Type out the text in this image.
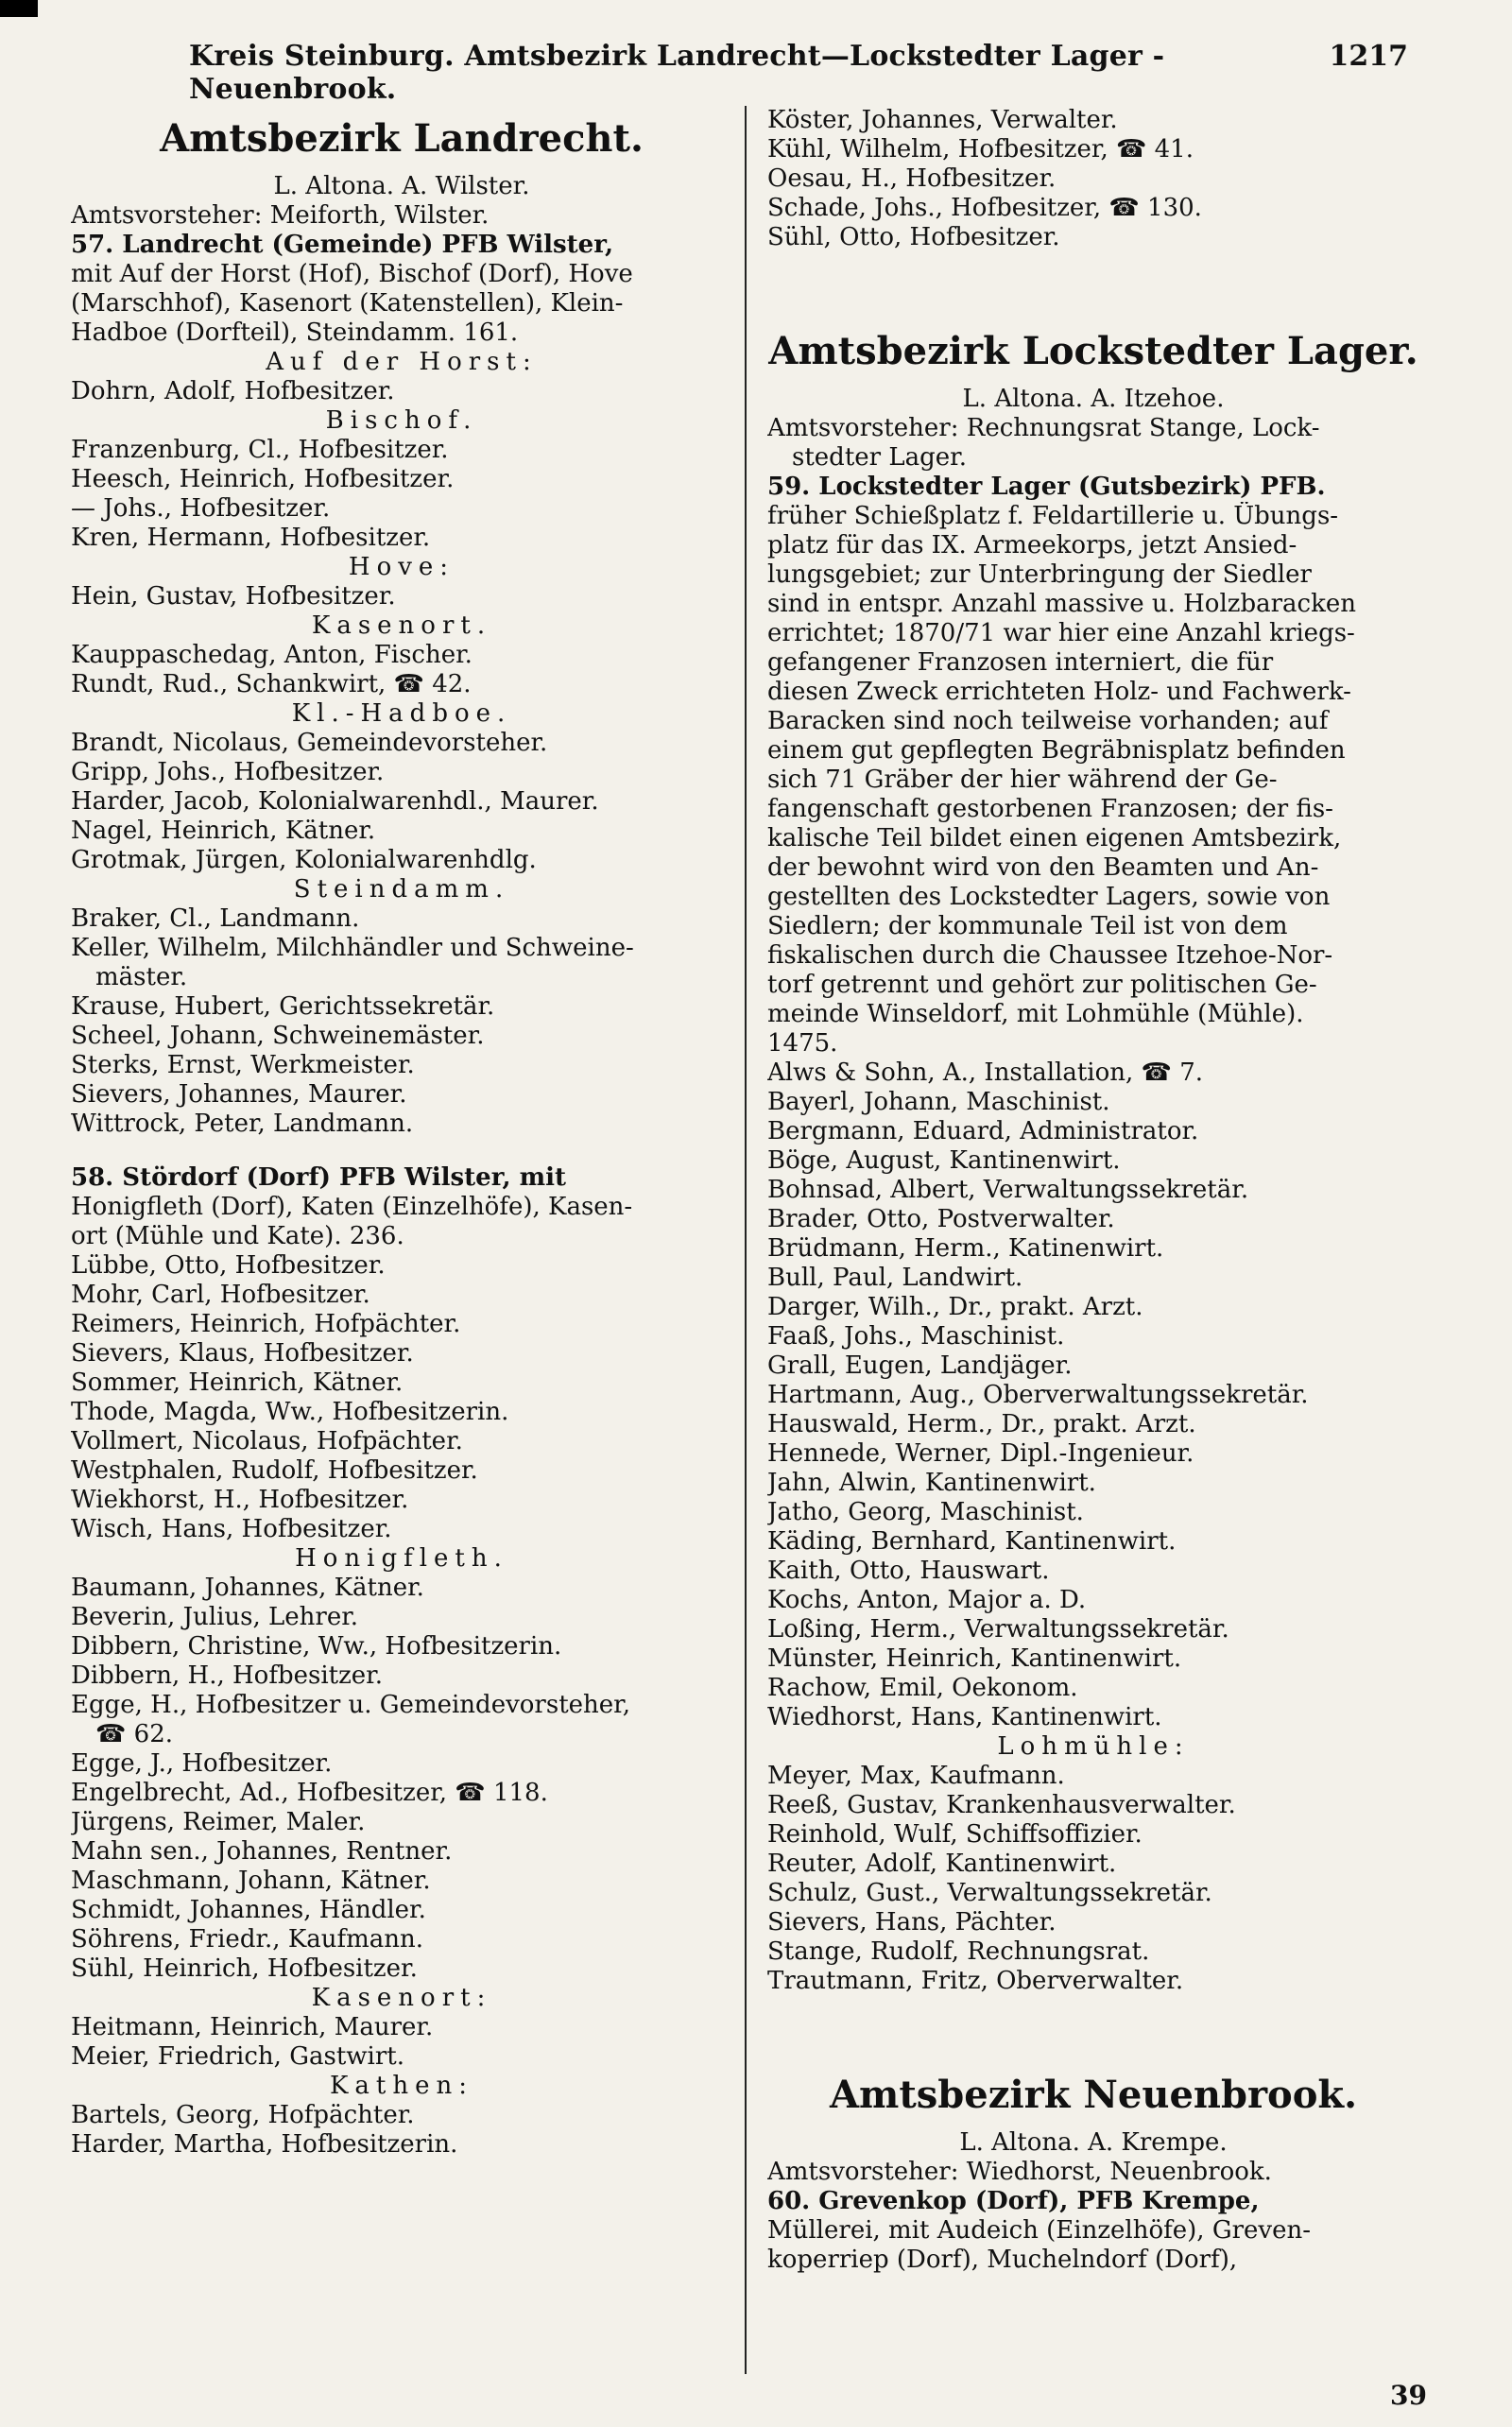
Kreis Steinburg. Amtsbezirk Landrecht—Lockstedter Lager - Neuenbrook.
1217
Amtsbezirk Landrecht.
L. Altona. A. Wilster.
Amtsvorsteher: Meiforth, Wilster.
57. Landrecht (Gemeinde) PFB Wilster,
mit Auf der Horst (Hof), Bischof (Dorf), Hove
(Marschhof), Kasenort (Katenstellen), Klein-
Hadboe (Dorfteil), Steindamm. 161.
Auf der Horst:
Dohrn, Adolf, Hofbesitzer.
Bischof.
Franzenburg, Cl., Hofbesitzer.
Heesch, Heinrich, Hofbesitzer.
— Johs., Hofbesitzer.
Kren, Hermann, Hofbesitzer.
Hove:
Hein, Gustav, Hofbesitzer.
Kasenort.
Kauppaschedag, Anton, Fischer.
Rundt, Rud., Schankwirt, ☎ 42.
Kl.-Hadboe.
Brandt, Nicolaus, Gemeindevorsteher.
Gripp, Johs., Hofbesitzer.
Harder, Jacob, Kolonialwarenhdl., Maurer.
Nagel, Heinrich, Kätner.
Grotmak, Jürgen, Kolonialwarenhdlg.
Steindamm.
Braker, Cl., Landmann.
Keller, Wilhelm, Milchhändler und Schweine-
mäster.
Krause, Hubert, Gerichtssekretär.
Scheel, Johann, Schweinemäster.
Sterks, Ernst, Werkmeister.
Sievers, Johannes, Maurer.
Wittrock, Peter, Landmann.
58. Stördorf (Dorf) PFB Wilster, mit
Honigfleth (Dorf), Katen (Einzelhöfe), Kasen-
ort (Mühle und Kate). 236.
Lübbe, Otto, Hofbesitzer.
Mohr, Carl, Hofbesitzer.
Reimers, Heinrich, Hofpächter.
Sievers, Klaus, Hofbesitzer.
Sommer, Heinrich, Kätner.
Thode, Magda, Ww., Hofbesitzerin.
Vollmert, Nicolaus, Hofpächter.
Westphalen, Rudolf, Hofbesitzer.
Wiekhorst, H., Hofbesitzer.
Wisch, Hans, Hofbesitzer.
Honigfleth.
Baumann, Johannes, Kätner.
Beverin, Julius, Lehrer.
Dibbern, Christine, Ww., Hofbesitzerin.
Dibbern, H., Hofbesitzer.
Egge, H., Hofbesitzer u. Gemeindevorsteher,
☎ 62.
Egge, J., Hofbesitzer.
Engelbrecht, Ad., Hofbesitzer, ☎ 118.
Jürgens, Reimer, Maler.
Mahn sen., Johannes, Rentner.
Maschmann, Johann, Kätner.
Schmidt, Johannes, Händler.
Söhrens, Friedr., Kaufmann.
Sühl, Heinrich, Hofbesitzer.
Kasenort:
Heitmann, Heinrich, Maurer.
Meier, Friedrich, Gastwirt.
Kathen:
Bartels, Georg, Hofpächter.
Harder, Martha, Hofbesitzerin.
Köster, Johannes, Verwalter.
Kühl, Wilhelm, Hofbesitzer, ☎ 41.
Oesau, H., Hofbesitzer.
Schade, Johs., Hofbesitzer, ☎ 130.
Sühl, Otto, Hofbesitzer.
Amtsbezirk Lockstedter Lager.
L. Altona. A. Itzehoe.
Amtsvorsteher: Rechnungsrat Stange, Lock-
stedter Lager.
59. Lockstedter Lager (Gutsbezirk) PFB.
früher Schießplatz f. Feldartillerie u. Übungs-
platz für das IX. Armeekorps, jetzt Ansied-
lungsgebiet; zur Unterbringung der Siedler
sind in entspr. Anzahl massive u. Holzbaracken
errichtet; 1870/71 war hier eine Anzahl kriegs-
gefangener Franzosen interniert, die für
diesen Zweck errichteten Holz- und Fachwerk-
Baracken sind noch teilweise vorhanden; auf
einem gut gepflegten Begräbnisplatz befinden
sich 71 Gräber der hier während der Ge-
fangenschaft gestorbenen Franzosen; der fis-
kalische Teil bildet einen eigenen Amtsbezirk,
der bewohnt wird von den Beamten und An-
gestellten des Lockstedter Lagers, sowie von
Siedlern; der kommunale Teil ist von dem
fiskalischen durch die Chaussee Itzehoe-Nor-
torf getrennt und gehört zur politischen Ge-
meinde Winseldorf, mit Lohmühle (Mühle).
1475.
Alws & Sohn, A., Installation, ☎ 7.
Bayerl, Johann, Maschinist.
Bergmann, Eduard, Administrator.
Böge, August, Kantinenwirt.
Bohnsad, Albert, Verwaltungssekretär.
Brader, Otto, Postverwalter.
Brüdmann, Herm., Katinenwirt.
Bull, Paul, Landwirt.
Darger, Wilh., Dr., prakt. Arzt.
Faaß, Johs., Maschinist.
Grall, Eugen, Landjäger.
Hartmann, Aug., Oberverwaltungssekretär.
Hauswald, Herm., Dr., prakt. Arzt.
Hennede, Werner, Dipl.-Ingenieur.
Jahn, Alwin, Kantinenwirt.
Jatho, Georg, Maschinist.
Käding, Bernhard, Kantinenwirt.
Kaith, Otto, Hauswart.
Kochs, Anton, Major a. D.
Loßing, Herm., Verwaltungssekretär.
Münster, Heinrich, Kantinenwirt.
Rachow, Emil, Oekonom.
Wiedhorst, Hans, Kantinenwirt.
Lohmühle:
Meyer, Max, Kaufmann.
Reeß, Gustav, Krankenhausverwalter.
Reinhold, Wulf, Schiffsoffizier.
Reuter, Adolf, Kantinenwirt.
Schulz, Gust., Verwaltungssekretär.
Sievers, Hans, Pächter.
Stange, Rudolf, Rechnungsrat.
Trautmann, Fritz, Oberverwalter.
Amtsbezirk Neuenbrook.
L. Altona. A. Krempe.
Amtsvorsteher: Wiedhorst, Neuenbrook.
60. Grevenkop (Dorf), PFB Krempe,
Müllerei, mit Audeich (Einzelhöfe), Greven-
koperriep (Dorf), Muchelndorf (Dorf),
39
